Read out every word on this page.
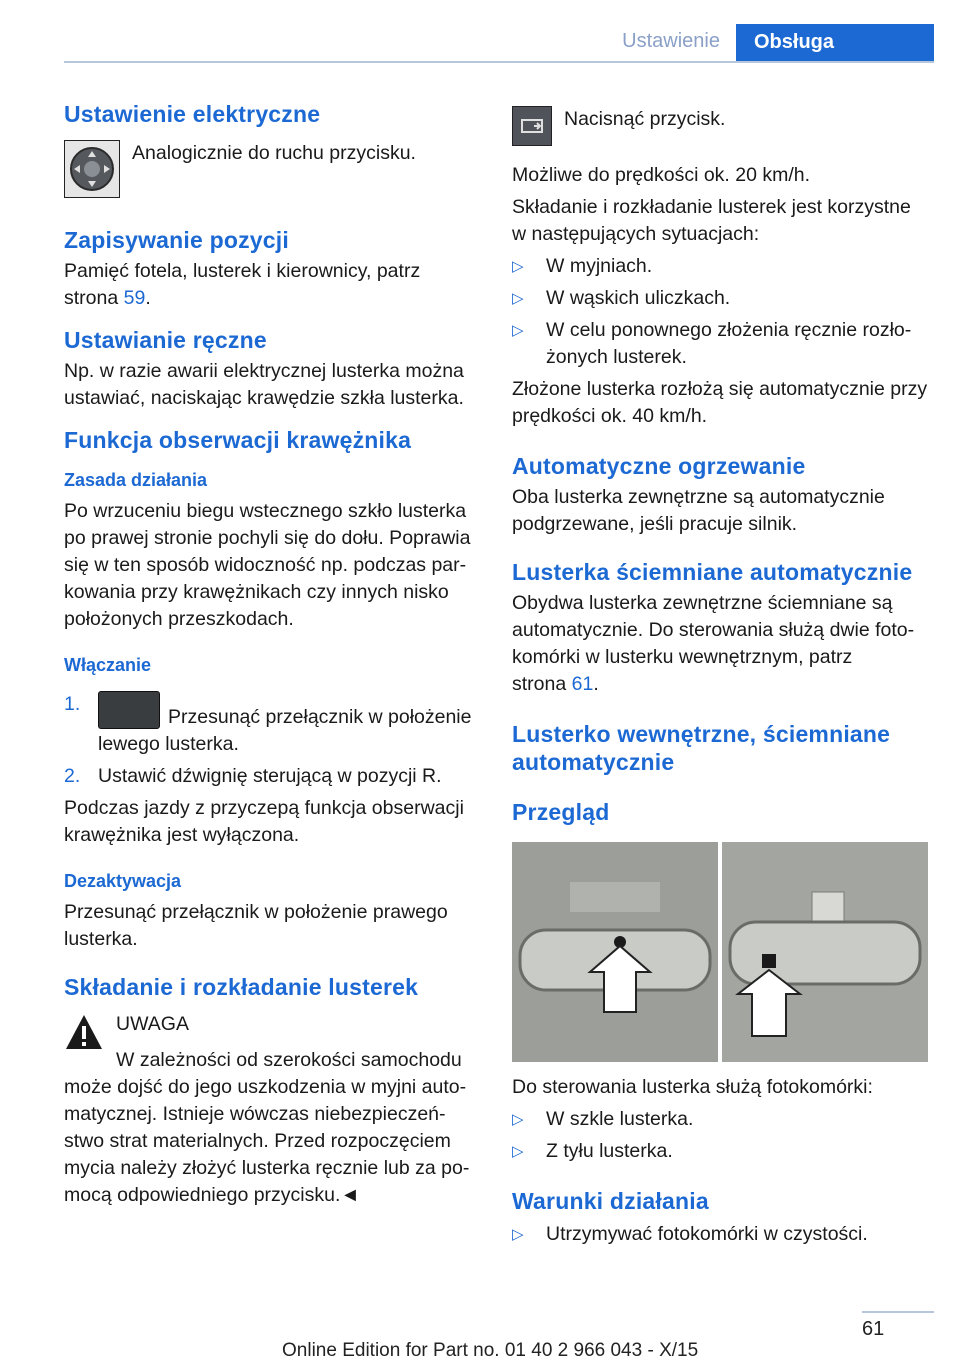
Ustawienie	Obsługa
Ustawienie elektryczne
Analogicznie do ruchu przycisku.
Zapisywanie pozycji

Pamięć fotela, lusterek i kierownicy, patrz
strona 59.

Ustawianie ręczne

Np. w razie awarii elektrycznej lusterka można ustawiać, naciskając krawędzie szkła lusterka.

Funkcja obserwacji krawężnika
Zasada działania

Po wrzuceniu biegu wstecznego szkło lusterka po prawej stronie pochyli się do dołu. Poprawia się w ten sposób widoczność np. podczas par-kowania przy krawężnikach czy innych nisko położonych przeszkodach.

Włączanie
1.
Przesunąć przełącznik w położenie lewego lusterka.
2. Ustawić dźwignię sterującą w pozycji R.

Podczas jazdy z przyczepą funkcja obserwacji krawężnika jest wyłączona.

Dezaktywacja

Przesunąć przełącznik w położenie prawego lusterka.

Składanie i rozkładanie lusterek
UWAGA

W zależności od szerokości samochodu może dojść do jego uszkodzenia w myjni auto-matycznej. Istnieje wówczas niebezpieczeń-stwo strat materialnych. Przed rozpoczęciem mycia należy złożyć lusterka ręcznie lub za po-mocą odpowiedniego przycisku.◄

Nacisnąć przycisk.

Możliwe do prędkości ok. 20 km/h.

Składanie i rozkładanie lusterek jest korzystne w następujących sytuacjach:

▷ W myjniach.
▷ W wąskich uliczkach.
▷ W celu ponownego złożenia ręcznie rozło-żonych lusterek.

Złożone lusterka rozłożą się automatycznie przy prędkości ok. 40 km/h.

Automatyczne ogrzewanie

Oba lusterka zewnętrzne są automatycznie podgrzewane, jeśli pracuje silnik.

Lusterka ściemniane automatycznie

Obydwa lusterka zewnętrzne ściemniane są automatycznie. Do sterowania służą dwie foto-komórki w lusterku wewnętrznym, patrz
strona 61.

Lusterko wewnętrzne, ściemniane automatycznie
Przegląd

Do sterowania lusterka służą fotokomórki:

▷ W szkle lusterka.
▷ Z tyłu lusterka.
Warunki działania
▷ Utrzymywać fotokomórki w czystości.
61
Online Edition for Part no. 01 40 2 966 043 - X/15
